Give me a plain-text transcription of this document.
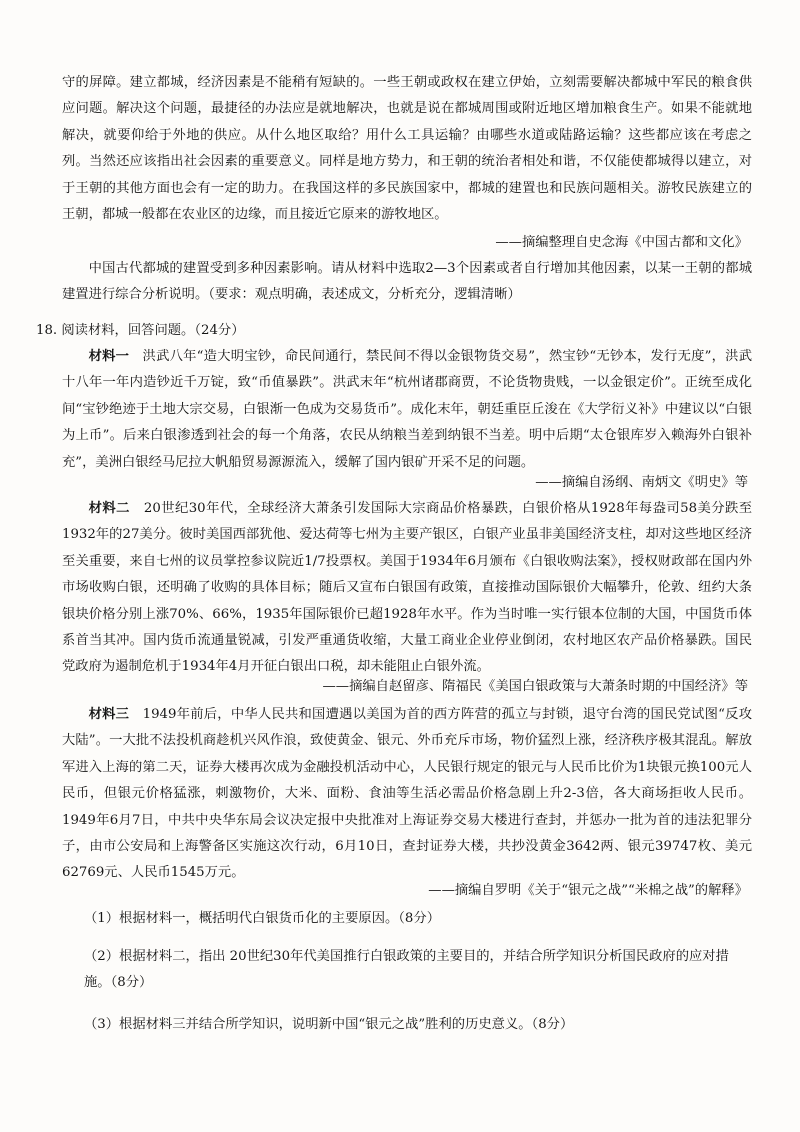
守的屏障。建立都城，经济因素是不能稍有短缺的。一些王朝或政权在建立伊始，立刻需要解决都城中军民的粮食供应问题。解决这个问题，最捷径的办法应是就地解决，也就是说在都城周围或附近地区增加粮食生产。如果不能就地解决，就要仰给于外地的供应。从什么地区取给？用什么工具运输？由哪些水道或陆路运输？这些都应该在考虑之列。当然还应该指出社会因素的重要意义。同样是地方势力，和王朝的统治者相处和谐，不仅能使都城得以建立，对于王朝的其他方面也会有一定的助力。在我国这样的多民族国家中，都城的建置也和民族问题相关。游牧民族建立的王朝，都城一般都在农业区的边缘，而且接近它原来的游牧地区。

——摘编整理自史念海《中国古都和文化》

中国古代都城的建置受到多种因素影响。请从材料中选取2—3个因素或者自行增加其他因素，以某一王朝的都城建置进行综合分析说明。（要求：观点明确，表述成文，分析充分，逻辑清晰）

18. 阅读材料，回答问题。（24分）

材料一 洪武八年“造大明宝钞，命民间通行，禁民间不得以金银物货交易”，然宝钞“无钞本，发行无度”，洪武十八年一年内造钞近千万锭，致“币值暴跌”。洪武末年“杭州诸郡商贾，不论货物贵贱，一以金银定价”。正统至成化间“宝钞绝迹于土地大宗交易，白银渐一色成为交易货币”。成化末年，朝廷重臣丘浚在《大学衍义补》中建议以“白银为上币”。后来白银渗透到社会的每一个角落，农民从纳粮当差到纳银不当差。明中后期“太仓银库岁入赖海外白银补充”，美洲白银经马尼拉大帆船贸易源源流入，缓解了国内银矿开采不足的问题。

——摘编自汤纲、南炳文《明史》等

材料二 20世纪30年代，全球经济大萧条引发国际大宗商品价格暴跌，白银价格从1928年每盎司58美分跌至1932年的27美分。彼时美国西部犹他、爱达荷等七州为主要产银区，白银产业虽非美国经济支柱，却对这些地区经济至关重要，来自七州的议员掌控参议院近1/7投票权。美国于1934年6月颁布《白银收购法案》，授权财政部在国内外市场收购白银，还明确了收购的具体目标；随后又宣布白银国有政策，直接推动国际银价大幅攀升，伦敦、纽约大条银块价格分别上涨70%、66%，1935年国际银价已超1928年水平。作为当时唯一实行银本位制的大国，中国货币体系首当其冲。国内货币流通量锐减，引发严重通货收缩，大量工商业企业停业倒闭，农村地区农产品价格暴跌。国民党政府为遏制危机于1934年4月开征白银出口税，却未能阻止白银外流。

——摘编自赵留彦、隋福民《美国白银政策与大萧条时期的中国经济》等

材料三 1949年前后，中华人民共和国遭遇以美国为首的西方阵营的孤立与封锁，退守台湾的国民党试图“反攻大陆”。一大批不法投机商趁机兴风作浪，致使黄金、银元、外币充斥市场，物价猛烈上涨，经济秩序极其混乱。解放军进入上海的第二天，证券大楼再次成为金融投机活动中心，人民银行规定的银元与人民币比价为1块银元换100元人民币，但银元价格猛涨，刺激物价，大米、面粉、食油等生活必需品价格急剧上升2-3倍，各大商场拒收人民币。1949年6月7日，中共中央华东局会议决定报中央批准对上海证券交易大楼进行查封，并惩办一批为首的违法犯罪分子，由市公安局和上海警备区实施这次行动，6月10日，查封证券大楼，共抄没黄金3642两、银元39747枚、美元62769元、人民币1545万元。

——摘编自罗明《关于“银元之战”“米棉之战”的解释》

（1）根据材料一，概括明代白银货币化的主要原因。（8分）

（2）根据材料二，指出 20世纪30年代美国推行白银政策的主要目的，并结合所学知识分析国民政府的应对措施。（8分）

（3）根据材料三并结合所学知识，说明新中国“银元之战”胜利的历史意义。（8分）
